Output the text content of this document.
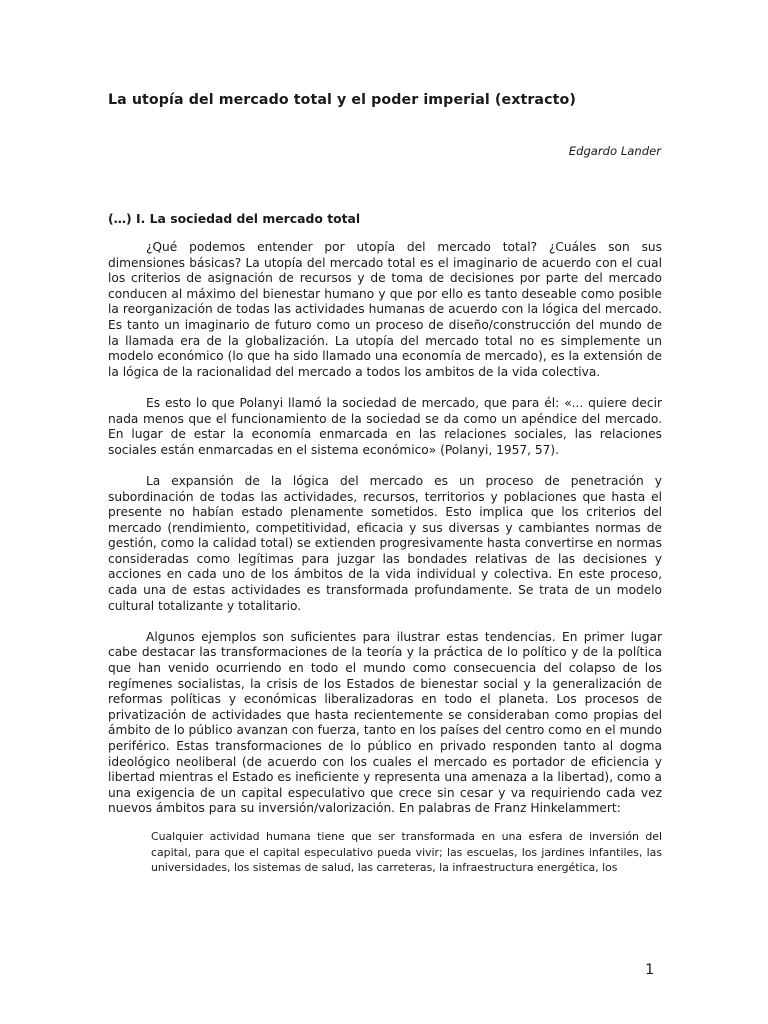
La utopía del mercado total y el poder imperial (extracto)
Edgardo Lander
(…) I. La sociedad del mercado total

¿Qué podemos entender por utopía del mercado total? ¿Cuáles son sus dimensiones básicas? La utopía del mercado total es el imaginario de acuerdo con el cual los criterios de asignación de recursos y de toma de decisiones por parte del mercado conducen al máximo del bienestar humano y que por ello es tanto deseable como posible la reorganización de todas las actividades humanas de acuerdo con la lógica del mercado. Es tanto un imaginario de futuro como un proceso de diseño/construcción del mundo de la llamada era de la globalización. La utopía del mercado total no es simplemente un modelo económico (lo que ha sido llamado una economía de mercado), es la extensión de la lógica de la racionalidad del mercado a todos los ambitos de la vida colectiva.

Es esto lo que Polanyi llamó la sociedad de mercado, que para él: «... quiere decir nada menos que el funcionamiento de la sociedad se da como un apéndice del mercado. En lugar de estar la economía enmarcada en las relaciones sociales, las relaciones sociales están enmarcadas en el sistema económico» (Polanyi, 1957, 57).

La expansión de la lógica del mercado es un proceso de penetración y subordinación de todas las actividades, recursos, territorios y poblaciones que hasta el presente no habían estado plenamente sometidos. Esto implica que los criterios del mercado (rendimiento, competitividad, eficacia y sus diversas y cambiantes normas de gestión, como la calidad total) se extienden progresivamente hasta convertirse en normas consideradas como legítimas para juzgar las bondades relativas de las decisiones y acciones en cada uno de los ámbitos de la vida individual y colectiva. En este proceso, cada una de estas actividades es transformada profundamente. Se trata de un modelo cultural totalizante y totalitario.

Algunos ejemplos son suficientes para ilustrar estas tendencias. En primer lugar cabe destacar las transformaciones de la teoría y la práctica de lo político y de la política que han venido ocurriendo en todo el mundo como consecuencia del colapso de los regímenes socialistas, la crisis de los Estados de bienestar social y la generalización de reformas políticas y económicas liberalizadoras en todo el planeta. Los procesos de privatización de actividades que hasta recientemente se consideraban como propias del ámbito de lo público avanzan con fuerza, tanto en los países del centro como en el mundo periférico. Estas transformaciones de lo público en privado responden tanto al dogma ideológico neoliberal (de acuerdo con los cuales el mercado es portador de eficiencia y libertad mientras el Estado es ineficiente y representa una amenaza a la libertad), como a una exigencia de un capital especulativo que crece sin cesar y va requiriendo cada vez nuevos ámbitos para su inversión/valorización. En palabras de Franz Hinkelammert:

Cualquier actividad humana tiene que ser transformada en una esfera de inversión del capital, para que el capital especulativo pueda vivir; las escuelas, los jardines infantiles, las universidades, los sistemas de salud, las carreteras, la infraestructura energética, los
1
